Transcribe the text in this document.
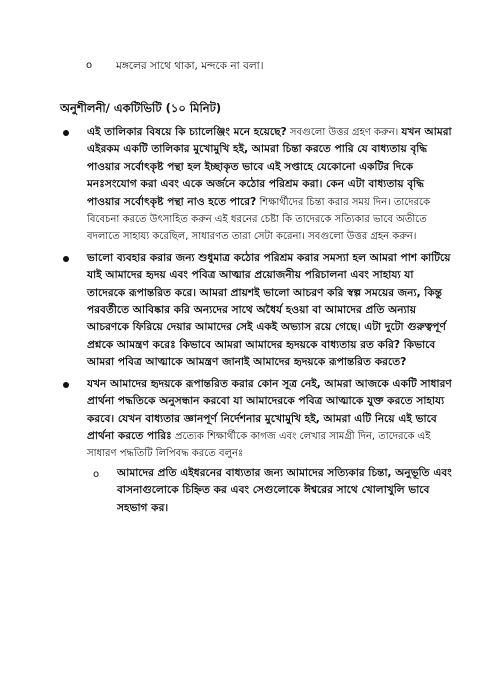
o মঙ্গলের সাথে থাকা, মন্দকে না বলা।
অনুশীলনী/ একটিভিটি (১০ মিনিট)
এই তালিকার বিষয়ে কি চ্যালেঞ্জিং মনে হয়েছে? সবগুলো উত্তর গ্রহণ করুন। যখন আমরা এইরকম একটি তালিকার মুখোমুখি হই, আমরা চিন্তা করতে পারি যে বাধ্যতায় বৃদ্ধি পাওয়ার সর্বোৎকৃষ্ট পন্থা হল ইচ্ছাকৃত ভাবে এই সপ্তাহে যেকোনো একটির দিকে মনঃসংযোগ করা এবং একে অর্জনে কঠোর পরিশ্রম করা। কেন এটা বাধ্যতায় বৃদ্ধি পাওয়ার সর্বোৎকৃষ্ট পন্থা নাও হতে পারে? শিক্ষার্থীদের চিন্তা করার সময় দিন। তাদেরকে বিবেচনা করতে উৎসাহিত করুন এই ধরনের চেষ্টা কি তাদেরকে সত্যিকার ভাবে অতীতে বদলাতে সাহায্য করেছিল, সাধারণত তারা সেটা করেনা। সবগুলো উত্তর গ্রহন করুন।
ভালো ব্যবহার করার জন্য শুধুমাত্র কঠোর পরিশ্রম করার সমস্যা হল আমরা পাশ কাটিয়ে যাই আমাদের হৃদয় এবং পবিত্র আত্মার প্রয়োজনীয় পরিচালনা এবং সাহায্য যা তাদেরকে রূপান্তরিত করে। আমরা প্রায়শই ভালো আচরণ করি স্বল্প সময়ের জন্য, কিন্তু পরবর্তীতে আবিষ্কার করি অন্যদের সাথে অধৈর্য হওয়া বা আমাদের প্রতি অন্যায় আচরণকে ফিরিয়ে দেয়ার আমাদের সেই একই অভ্যাস রয়ে গেছে। এটা দুটো গুরুত্বপূর্ণ প্রশ্নকে আমন্ত্রণ করেঃ কিভাবে আমরা আমাদের হৃদয়কে বাধ্যতায় রত করি? কিভাবে আমরা পবিত্র আত্মাকে আমন্ত্রণ জানাই আমাদের হৃদয়কে রূপান্তরিত করতে?
যখন আমাদের হৃদয়কে রূপান্তরিত করার কোন সূত্র নেই, আমরা আজকে একটি সাধারণ প্রার্থনা পদ্ধতিকে অনুসন্ধান করবো যা আমাদেরকে পবিত্র আত্মাকে যুক্ত করতে সাহায্য করবে। যেখন বাধ্যতার জ্ঞানপূর্ণ নির্দেশনার মুখোমুখি হই, আমরা এটি নিয়ে এই ভাবে প্রার্থনা করতে পারিঃ প্রত্যেক শিক্ষার্থীকে কাগজ এবং লেখার সামগ্রী দিন, তাদেরকে এই সাধারণ পদ্ধতিটি লিপিবদ্ধ করতে বলুনঃ
o আমাদের প্রতি এইধরনের বাধ্যতার জন্য আমাদের সত্যিকার চিন্তা, অনুভূতি এবং বাসনাগুলোকে চিহ্নিত কর এবং সেগুলোকে ঈশ্বরের সাথে খোলাখুলি ভাবে সহভাগ কর।
